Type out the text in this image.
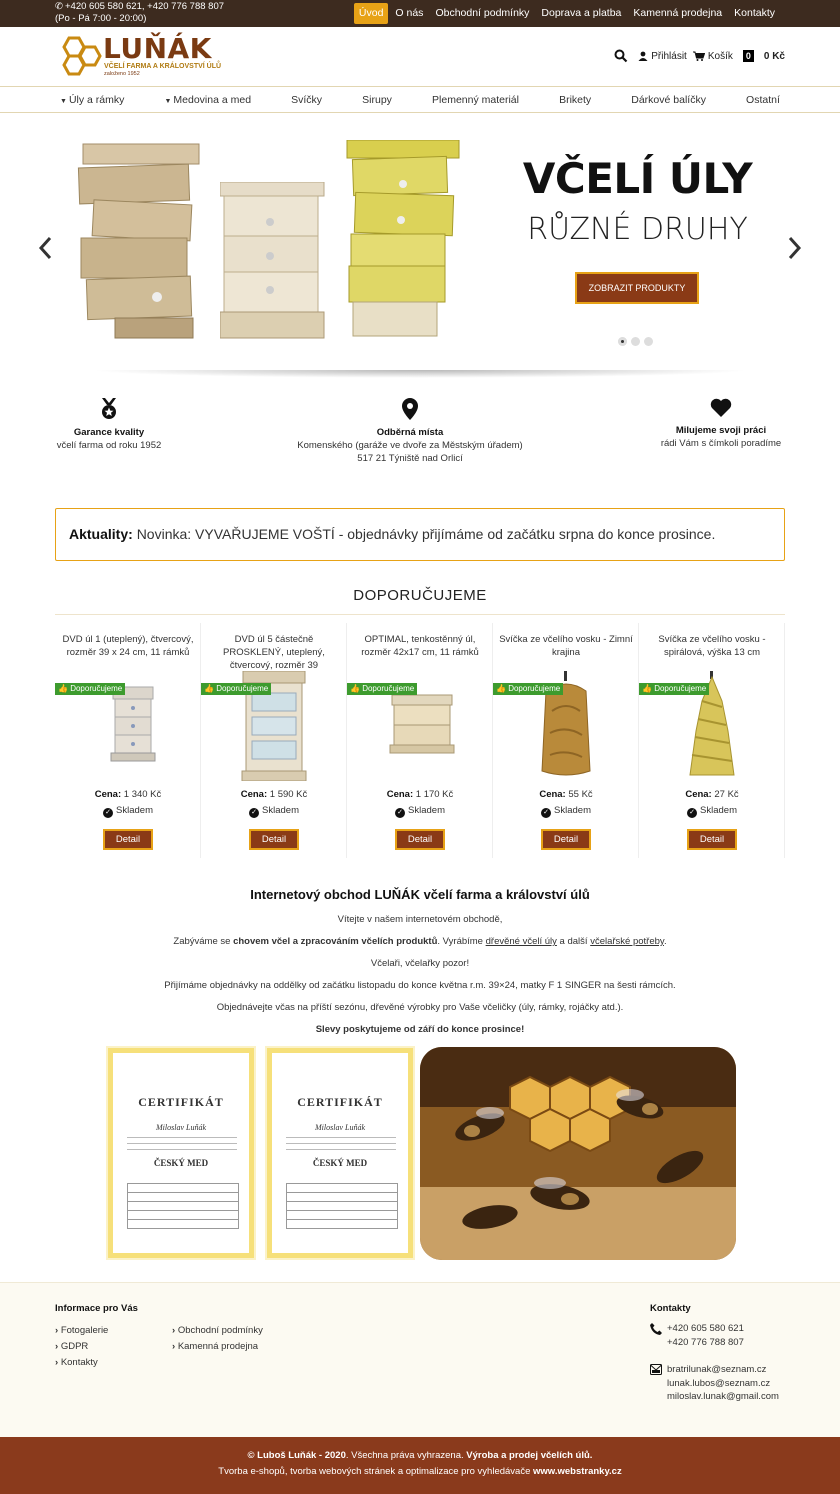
✆ +420 605 580 621, +420 776 788 807
(Po - Pá 7:00 - 20:00)	Úvod	O nás	Obchodní podmínky	Doprava a platba	Kamenná prodejna	Kontakty
LUŇÁK
VČELÍ FARMA A KRÁLOVSTVÍ ÚLŮ
založeno 1952
Přihlásit Košík	0	0 Kč
▼ Úly a rámky	▼ Medovina a med	Svíčky	Sirupy	Plemenný materiál	Brikety	Dárkové balíčky	Ostatní
VČELÍ ÚLY
RŮZNÉ DRUHY
ZOBRAZIT PRODUKTY
Garance kvality
včelí farma od roku 1952
Odběrná místa
Komenského (garáže ve dvoře za Městským úřadem)
517 21 Týniště nad Orlicí
Milujeme svoji práci
rádi Vám s čímkoli poradíme
Aktuality: Novinka: VYVAŘUJEME VOŠTÍ - objednávky přijímáme od začátku srpna do konce prosince.
DOPORUČUJEME
DVD úl 1 (uteplený), čtvercový, rozměr 39 x 24 cm, 11 rámků
👍 Doporučujeme
Cena: 1 340 Kč
✓ Skladem
Detail
DVD úl 5 částečně PROSKLENÝ, uteplený, čtvercový, rozměr 39
👍 Doporučujeme
Cena: 1 590 Kč
✓ Skladem
Detail
OPTIMAL, tenkostěnný úl, rozměr 42x17 cm, 11 rámků
👍 Doporučujeme
Cena: 1 170 Kč
✓ Skladem
Detail
Svíčka ze včelího vosku - Zimní krajina
👍 Doporučujeme
Cena: 55 Kč
✓ Skladem
Detail
Svíčka ze včelího vosku - spirálová, výška 13 cm
👍 Doporučujeme
Cena: 27 Kč
✓ Skladem
Detail
Internetový obchod LUŇÁK včelí farma a království úlů

Vítejte v našem internetovém obchodě,

Zabýváme se chovem včel a zpracováním včelích produktů. Vyrábíme dřevěné včelí úly a další včelařské potřeby.

Včelaři, včelařky pozor!

Přijímáme objednávky na oddělky od začátku listopadu do konce května r.m. 39×24, matky F 1 SINGER na šesti rámcích.

Objednávejte včas na příští sezónu, dřevěné výrobky pro Vaše včeličky (úly, rámky, rojáčky atd.).

Slevy poskytujeme od září do konce prosince!

CERTIFIKÁT
Miloslav Luňák
ČESKÝ MED
CERTIFIKÁT
Miloslav Luňák
ČESKÝ MED
Informace pro Vás
› Fotogalerie
› GDPR
› Kontakty
› Obchodní podmínky
› Kamenná prodejna
Kontakty
+420 605 580 621
+420 776 788 807
bratrilunak@seznam.cz
lunak.lubos@seznam.cz
miloslav.lunak@gmail.com
© Luboš Luňák - 2020. Všechna práva vyhrazena. Výroba a prodej včelích úlů.
Tvorba e-shopů, tvorba webových stránek a optimalizace pro vyhledávače www.webstranky.cz
